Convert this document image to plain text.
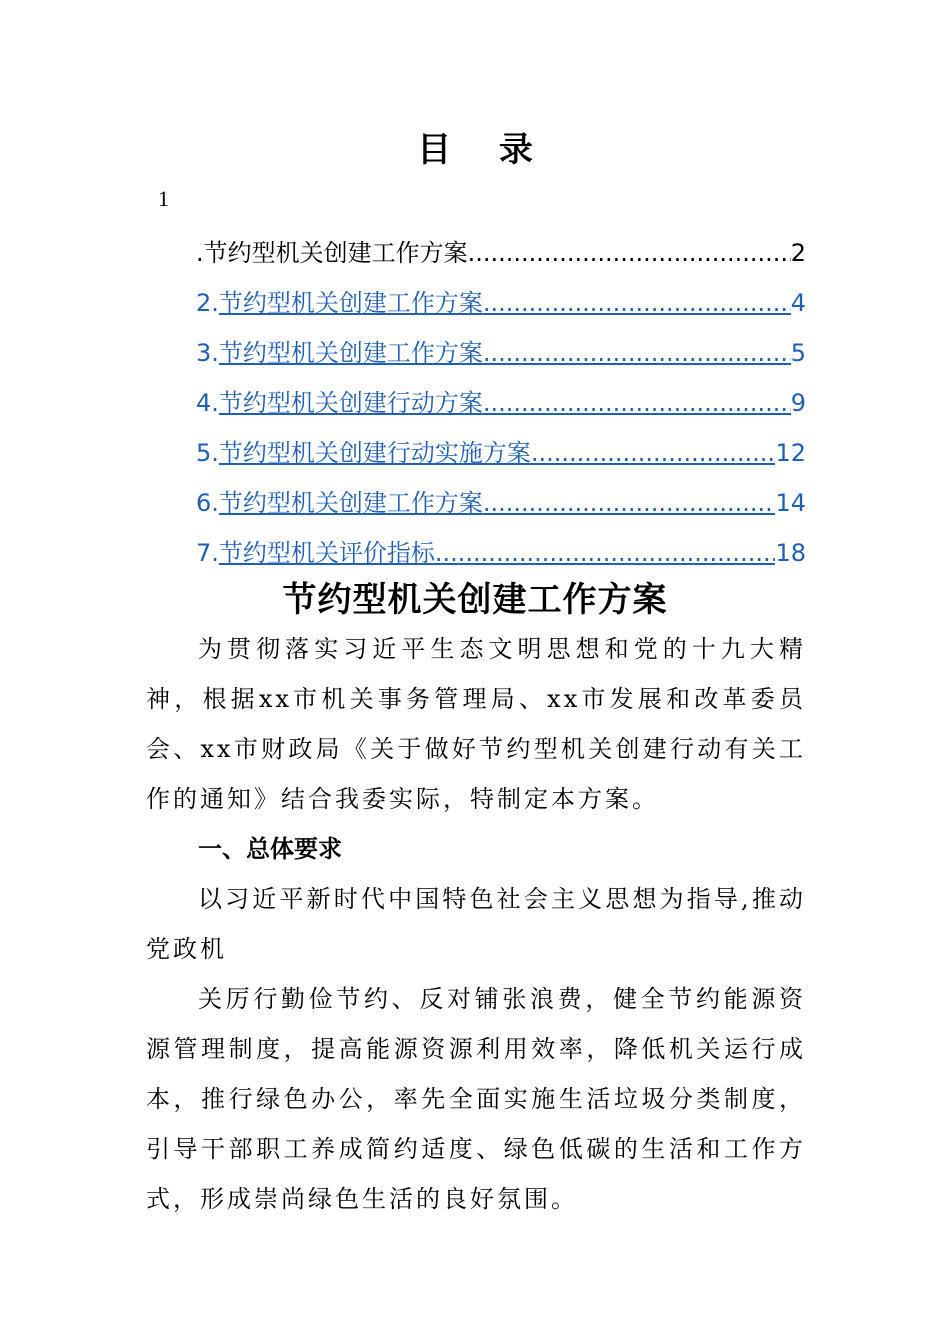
目 录
1
.节约型机关创建工作方案 .....	2
2. 节约型机关创建工作方案 .....	4
3. 节约型机关创建工作方案 .....	5
4. 节约型机关创建行动方案 .....	9
5. 节约型机关创建行动实施方案 .....	12
6. 节约型机关创建工作方案 .....	14
7. 节约型机关评价指标 .....	18
节约型机关创建工作方案

为贯彻落实习近平生态文明思想和党的十九大精神，根据xx市机关事务管理局、xx市发展和改革委员会、xx市财政局《关于做好节约型机关创建行动有关工作的通知》结合我委实际，特制定本方案。

一、总体要求

以习近平新时代中国特色社会主义思想为指导,推动党政机

关厉行勤俭节约、反对铺张浪费，健全节约能源资源管理制度，提高能源资源利用效率，降低机关运行成本，推行绿色办公，率先全面实施生活垃圾分类制度，引导干部职工养成简约适度、绿色低碳的生活和工作方式，形成崇尚绿色生活的良好氛围。
